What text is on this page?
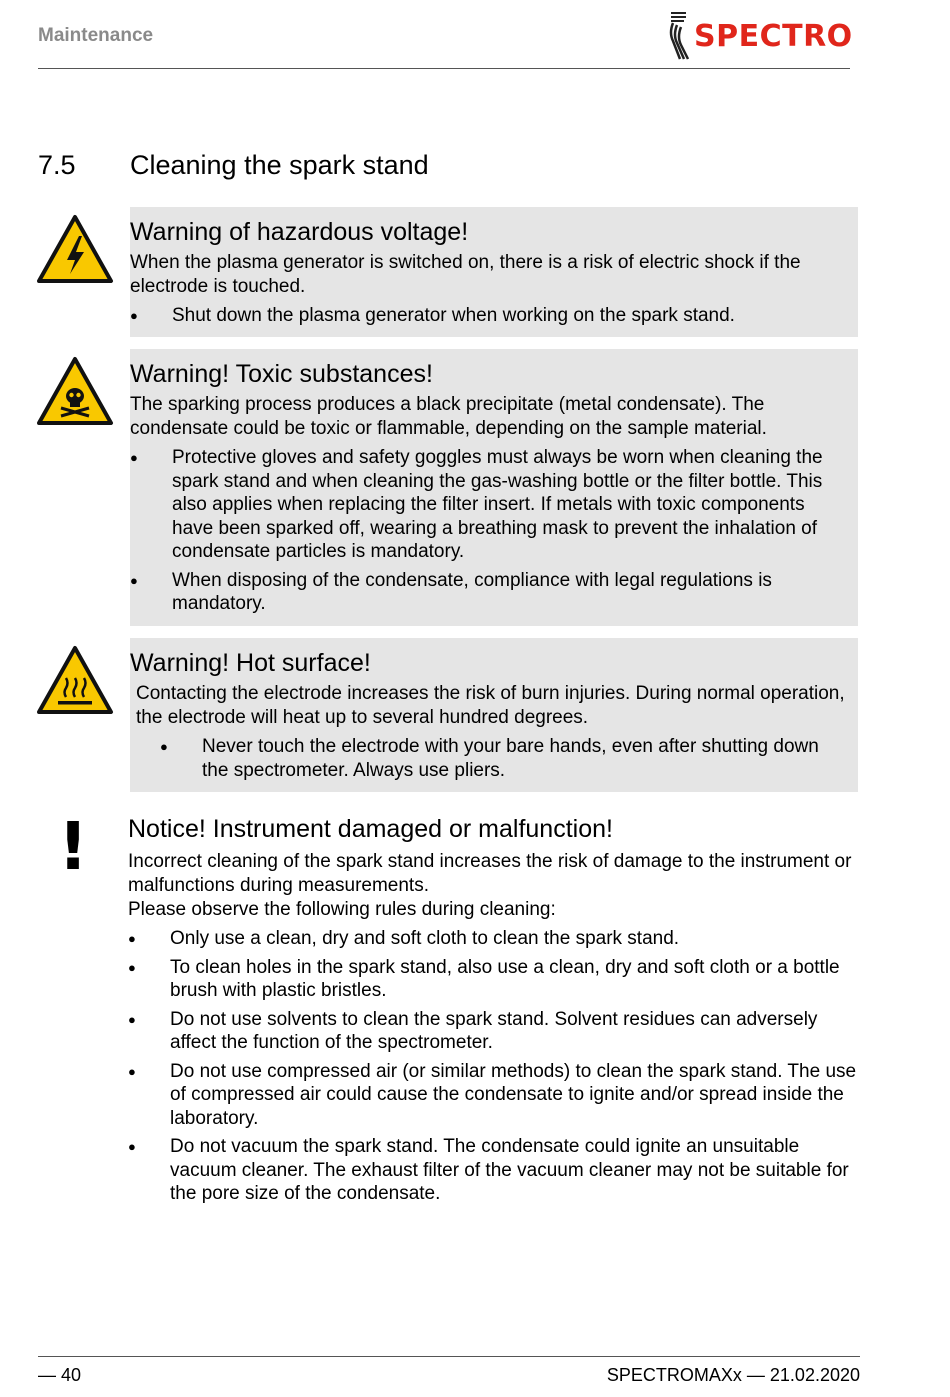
Maintenance	SPECTRO
7.5 Cleaning the spark stand
Warning of hazardous voltage!

When the plasma generator is switched on, there is a risk of electric shock if the electrode is touched.

● Shut down the plasma generator when working on the spark stand.
Warning! Toxic substances!

The sparking process produces a black precipitate (metal condensate). The condensate could be toxic or flammable, depending on the sample material.

● Protective gloves and safety goggles must always be worn when cleaning the spark stand and when cleaning the gas-washing bottle or the filter bottle. This also applies when replacing the filter insert. If metals with toxic components have been sparked off, wearing a breathing mask to prevent the inhalation of condensate particles is mandatory.
● When disposing of the condensate, compliance with legal regulations is mandatory.
Warning! Hot surface!

Contacting the electrode increases the risk of burn injuries. During normal operation, the electrode will heat up to several hundred degrees.

● Never touch the electrode with your bare hands, even after shutting down the spectrometer. Always use pliers.
! Notice! Instrument damaged or malfunction!

Incorrect cleaning of the spark stand increases the risk of damage to the instrument or malfunctions during measurements.

Please observe the following rules during cleaning:

● Only use a clean, dry and soft cloth to clean the spark stand.
● To clean holes in the spark stand, also use a clean, dry and soft cloth or a bottle brush with plastic bristles.
● Do not use solvents to clean the spark stand. Solvent residues can adversely affect the function of the spectrometer.
● Do not use compressed air (or similar methods) to clean the spark stand. The use of compressed air could cause the condensate to ignite and/or spread inside the laboratory.
● Do not vacuum the spark stand. The condensate could ignite an unsuitable vacuum cleaner. The exhaust filter of the vacuum cleaner may not be suitable for the pore size of the condensate.
— 40	SPECTROMAXx — 21.02.2020
